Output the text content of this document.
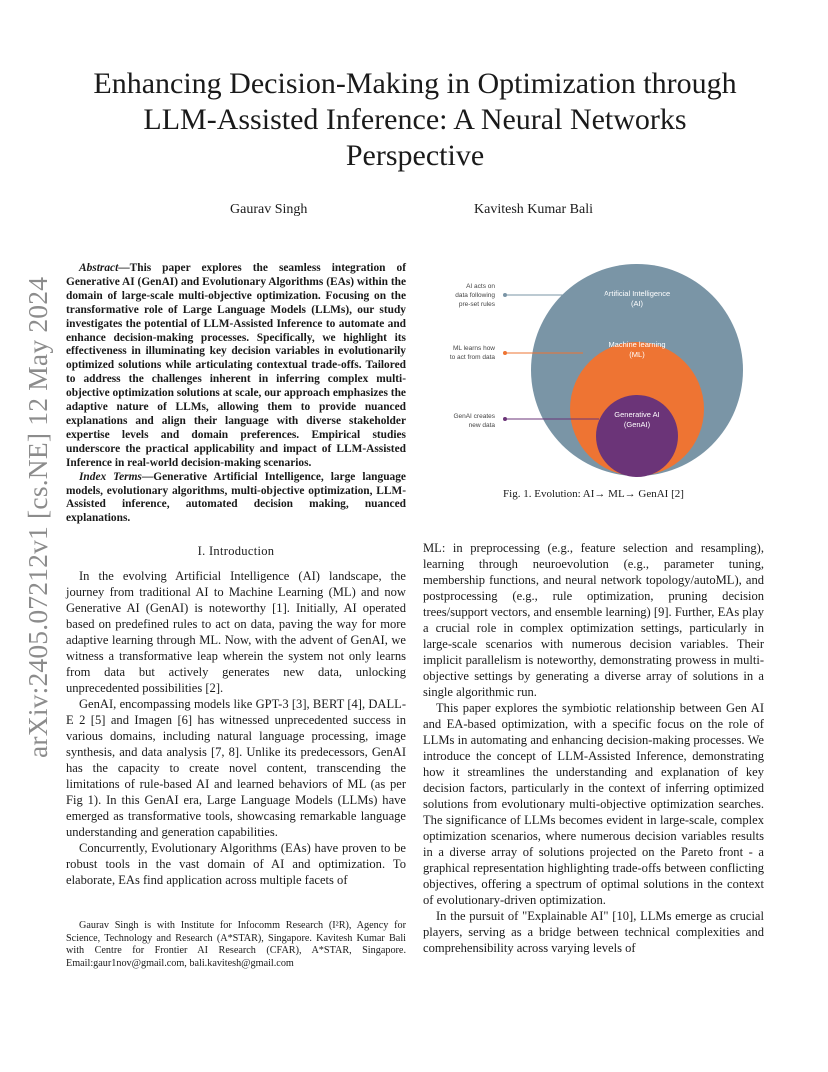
arXiv:2405.07212v1 [cs.NE] 12 May 2024
Enhancing Decision-Making in Optimization through LLM-Assisted Inference: A Neural Networks Perspective
Gaurav Singh	Kavitesh Kumar Bali

Abstract—This paper explores the seamless integration of Generative AI (GenAI) and Evolutionary Algorithms (EAs) within the domain of large-scale multi-objective optimization. Focusing on the transformative role of Large Language Models (LLMs), our study investigates the potential of LLM-Assisted Inference to automate and enhance decision-making processes. Specifically, we highlight its effectiveness in illuminating key decision variables in evolutionarily optimized solutions while articulating contextual trade-offs. Tailored to address the challenges inherent in inferring complex multi-objective optimization solutions at scale, our approach emphasizes the adaptive nature of LLMs, allowing them to provide nuanced explanations and align their language with diverse stakeholder expertise levels and domain preferences. Empirical studies underscore the practical applicability and impact of LLM-Assisted Inference in real-world decision-making scenarios.

Index Terms—Generative Artificial Intelligence, large language models, evolutionary algorithms, multi-objective optimization, LLM-Assisted inference, automated decision making, nuanced explanations.

I. Introduction

In the evolving Artificial Intelligence (AI) landscape, the journey from traditional AI to Machine Learning (ML) and now Generative AI (GenAI) is noteworthy [1]. Initially, AI operated based on predefined rules to act on data, paving the way for more adaptive learning through ML. Now, with the advent of GenAI, we witness a transformative leap wherein the system not only learns from data but actively generates new data, unlocking unprecedented possibilities [2].

GenAI, encompassing models like GPT-3 [3], BERT [4], DALL-E 2 [5] and Imagen [6] has witnessed unprecedented success in various domains, including natural language processing, image synthesis, and data analysis [7, 8]. Unlike its predecessors, GenAI has the capacity to create novel content, transcending the limitations of rule-based AI and learned behaviors of ML (as per Fig 1). In this GenAI era, Large Language Models (LLMs) have emerged as transformative tools, showcasing remarkable language understanding and generation capabilities.

Concurrently, Evolutionary Algorithms (EAs) have proven to be robust tools in the vast domain of AI and optimization. To elaborate, EAs find application across multiple facets of

Gaurav Singh is with Institute for Infocomm Research (I²R), Agency for Science, Technology and Research (A*STAR), Singapore. Kavitesh Kumar Bali with Centre for Frontier AI Research (CFAR), A*STAR, Singapore. Email:gaur1nov@gmail.com, bali.kavitesh@gmail.com

Artificial Intelligence
(AI)
Machine learning
(ML)
Generative AI
(GenAI)
AI acts on
data following
pre-set rules
ML learns how
to act from data
GenAI creates
new data
Fig. 1. Evolution: AI→ ML→ GenAI [2]

ML: in preprocessing (e.g., feature selection and resampling), learning through neuroevolution (e.g., parameter tuning, membership functions, and neural network topology/autoML), and postprocessing (e.g., rule optimization, pruning decision trees/support vectors, and ensemble learning) [9]. Further, EAs play a crucial role in complex optimization settings, particularly in large-scale scenarios with numerous decision variables. Their implicit parallelism is noteworthy, demonstrating prowess in multi-objective settings by generating a diverse array of solutions in a single algorithmic run.

This paper explores the symbiotic relationship between Gen AI and EA-based optimization, with a specific focus on the role of LLMs in automating and enhancing decision-making processes. We introduce the concept of LLM-Assisted Inference, demonstrating how it streamlines the understanding and explanation of key decision factors, particularly in the context of inferring optimized solutions from evolutionary multi-objective optimization searches. The significance of LLMs becomes evident in large-scale, complex optimization scenarios, where numerous decision variables results in a diverse array of solutions projected on the Pareto front - a graphical representation highlighting trade-offs between conflicting objectives, offering a spectrum of optimal solutions in the context of evolutionary-driven optimization.

In the pursuit of "Explainable AI" [10], LLMs emerge as crucial players, serving as a bridge between technical complexities and comprehensibility across varying levels of
